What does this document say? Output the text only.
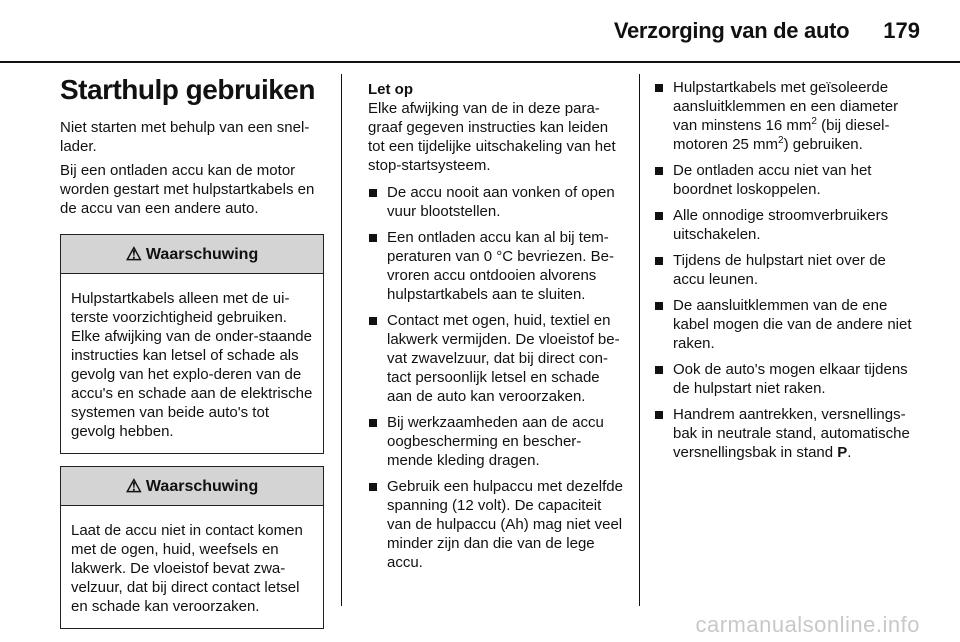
Verzorging van de auto 179
Starthulp gebruiken

Niet starten met behulp van een snel-lader.

Bij een ontladen accu kan de motor worden gestart met hulpstartkabels en de accu van een andere auto.

⚠ Waarschuwing
Hulpstartkabels alleen met de ui-terste voorzichtigheid gebruiken. Elke afwijking van de onder-staande instructies kan letsel of schade als gevolg van het explo-deren van de accu's en schade aan de elektrische systemen van beide auto's tot gevolg hebben.
⚠ Waarschuwing
Laat de accu niet in contact komen met de ogen, huid, weefsels en lakwerk. De vloeistof bevat zwa-velzuur, dat bij direct contact letsel en schade kan veroorzaken.
Let op

Elke afwijking van de in deze para-graaf gegeven instructies kan leiden tot een tijdelijke uitschakeling van het stop-startsysteem.

De accu nooit aan vonken of open vuur blootstellen.
Een ontladen accu kan al bij tem-peraturen van 0 °C bevriezen. Be-vroren accu ontdooien alvorens hulpstartkabels aan te sluiten.
Contact met ogen, huid, textiel en lakwerk vermijden. De vloeistof be-vat zwavelzuur, dat bij direct con-tact persoonlijk letsel en schade aan de auto kan veroorzaken.
Bij werkzaamheden aan de accu oogbescherming en bescher-mende kleding dragen.
Gebruik een hulpaccu met dezelfde spanning (12 volt). De capaciteit van de hulpaccu (Ah) mag niet veel minder zijn dan die van de lege accu.
Hulpstartkabels met geïsoleerde aansluitklemmen en een diameter van minstens 16 $mm^2$ (bij diesel-motoren 25 $mm^2$) gebruiken.
De ontladen accu niet van het boordnet loskoppelen.
Alle onnodige stroomverbruikers uitschakelen.
Tijdens de hulpstart niet over de accu leunen.
De aansluitklemmen van de ene kabel mogen die van de andere niet raken.
Ook de auto's mogen elkaar tijdens de hulpstart niet raken.
Handrem aantrekken, versnellings-bak in neutrale stand, automatische versnellingsbak in stand P.
carmanualsonline.info
